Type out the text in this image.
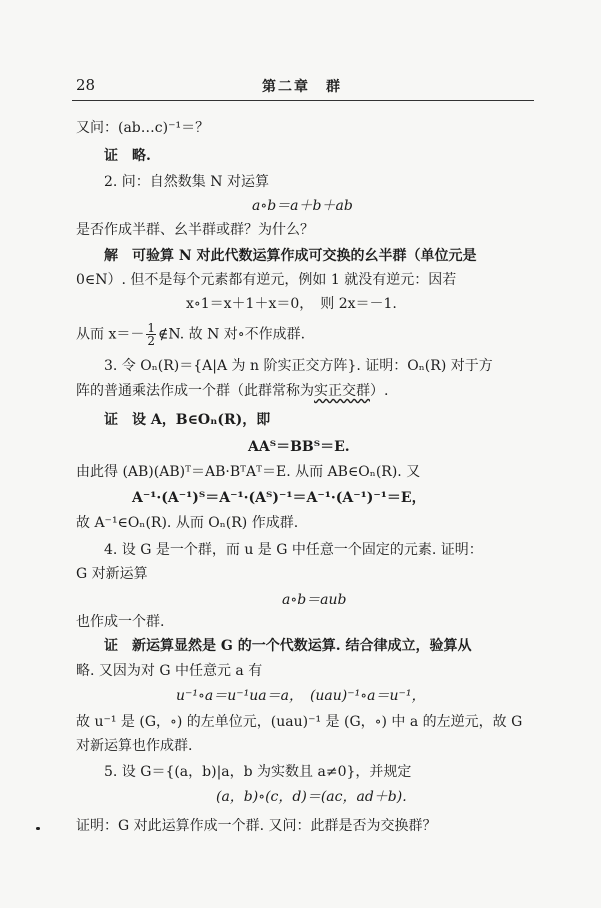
28	第二章　群
又问：(ab…c)⁻¹＝？
证　略.
2. 问：自然数集 N 对运算
a∘b＝a＋b＋ab
是否作成半群、幺半群或群？为什么？
解　可验算 N 对此代数运算作成可交换的幺半群（单位元是
0∈N）. 但不是每个元素都有逆元，例如 1 就没有逆元：因若
x∘1＝x＋1＋x＝0，　则 2x＝－1.
从而 $x=- \frac{1}{2}$ ∉N. 故 N 对∘不作成群.
3. 令 Oₙ(R)＝{A|A 为 n 阶实正交方阵}. 证明：Oₙ(R) 对于方
阵的普通乘法作成一个群（此群常称为实正交群）.
证　设 A，B∈Oₙ(R)，即
AAᵀ＝BBᵀ＝E.
由此得 (AB)(AB)ᵀ＝AB·BᵀAᵀ＝E. 从而 AB∈Oₙ(R). 又
A⁻¹·(A⁻¹)ᵀ＝A⁻¹·(Aᵀ)⁻¹＝A⁻¹·(A⁻¹)⁻¹＝E，
故 A⁻¹∈Oₙ(R). 从而 Oₙ(R) 作成群.
4. 设 G 是一个群，而 u 是 G 中任意一个固定的元素. 证明：
G 对新运算
a∘b＝aub
也作成一个群.
证　新运算显然是 G 的一个代数运算. 结合律成立，验算从
略. 又因为对 G 中任意元 a 有
u⁻¹∘a＝u⁻¹ua＝a，　(uau)⁻¹∘a＝u⁻¹，
故 u⁻¹ 是 (G，∘) 的左单位元，(uau)⁻¹ 是 (G，∘) 中 a 的左逆元，故 G
对新运算也作成群.
5. 设 G＝{(a，b)|a，b 为实数且 a≠0}，并规定
(a，b)∘(c，d)＝(ac，ad＋b).
证明：G 对此运算作成一个群. 又问：此群是否为交换群？
